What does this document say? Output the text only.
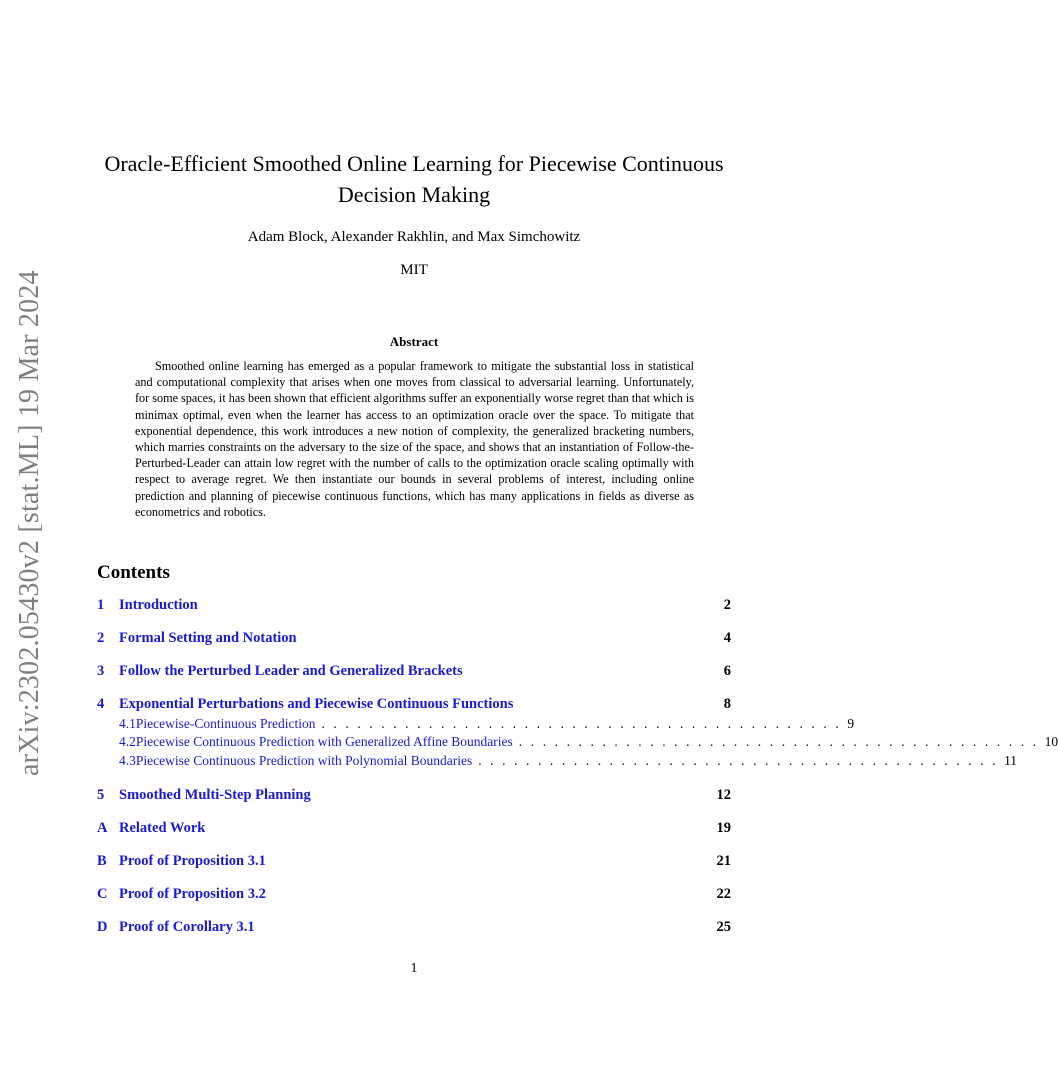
arXiv:2302.05430v2 [stat.ML] 19 Mar 2024
Oracle-Efficient Smoothed Online Learning for Piecewise Continuous Decision Making
Adam Block, Alexander Rakhlin, and Max Simchowitz
MIT
Abstract
Smoothed online learning has emerged as a popular framework to mitigate the substantial loss in statistical and computational complexity that arises when one moves from classical to adversarial learning. Unfortunately, for some spaces, it has been shown that efficient algorithms suffer an exponentially worse regret than that which is minimax optimal, even when the learner has access to an optimization oracle over the space. To mitigate that exponential dependence, this work introduces a new notion of complexity, the generalized bracketing numbers, which marries constraints on the adversary to the size of the space, and shows that an instantiation of Follow-the-Perturbed-Leader can attain low regret with the number of calls to the optimization oracle scaling optimally with respect to average regret. We then instantiate our bounds in several problems of interest, including online prediction and planning of piecewise continuous functions, which has many applications in fields as diverse as econometrics and robotics.
Contents
1	Introduction	2
2	Formal Setting and Notation	4
3	Follow the Perturbed Leader and Generalized Brackets	6
4	Exponential Perturbations and Piecewise Continuous Functions	8
4.1 Piecewise-Continuous Prediction . . . . . . . . . . . . . . . . . . . . . . . . . . . . . . . . . . . . . . . . . . . . 9
4.2 Piecewise Continuous Prediction with Generalized Affine Boundaries . . . . . . . . . . . . . . . . . . . . . . . . . . . . . . . . . . . . . . . . . . . . 10
4.3 Piecewise Continuous Prediction with Polynomial Boundaries . . . . . . . . . . . . . . . . . . . . . . . . . . . . . . . . . . . . . . . . . . . . 11
5	Smoothed Multi-Step Planning	12
A Related Work	19
B Proof of Proposition 3.1	21
C Proof of Proposition 3.2	22
D Proof of Corollary 3.1	25
1
